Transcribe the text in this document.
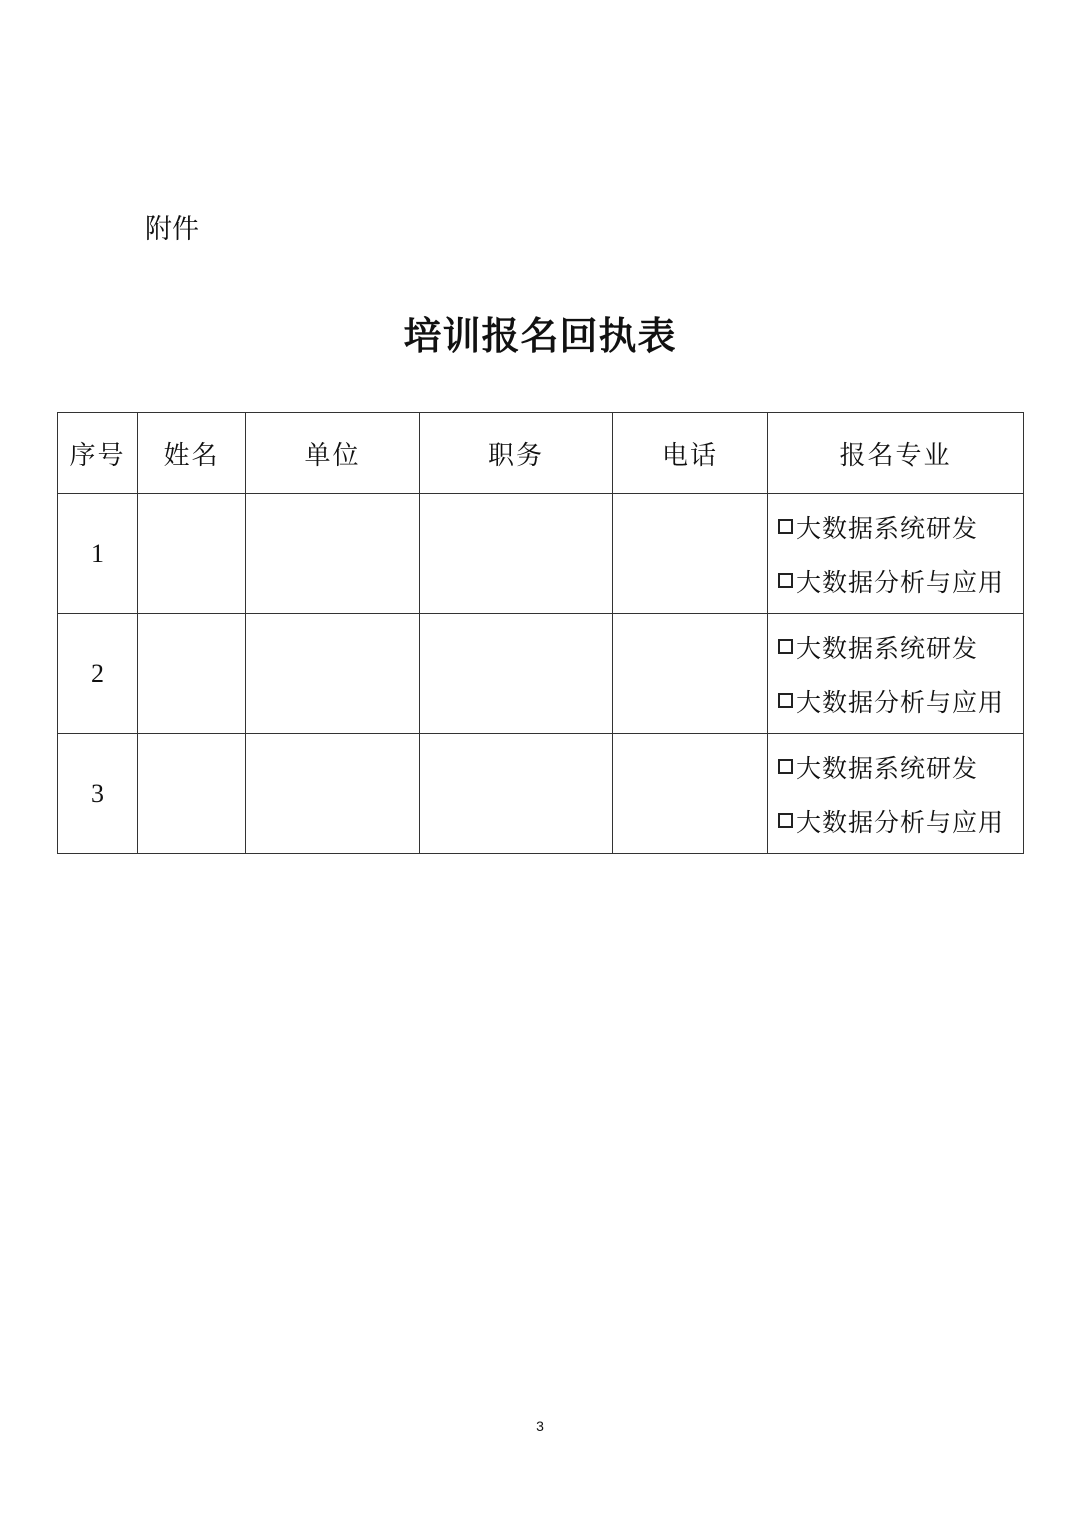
附件
培训报名回执表
序号	姓名	单位	职务	电话	报名专业
1					大数据系统研发
大数据分析与应用

2					大数据系统研发
大数据分析与应用

3					大数据系统研发
大数据分析与应用
3
